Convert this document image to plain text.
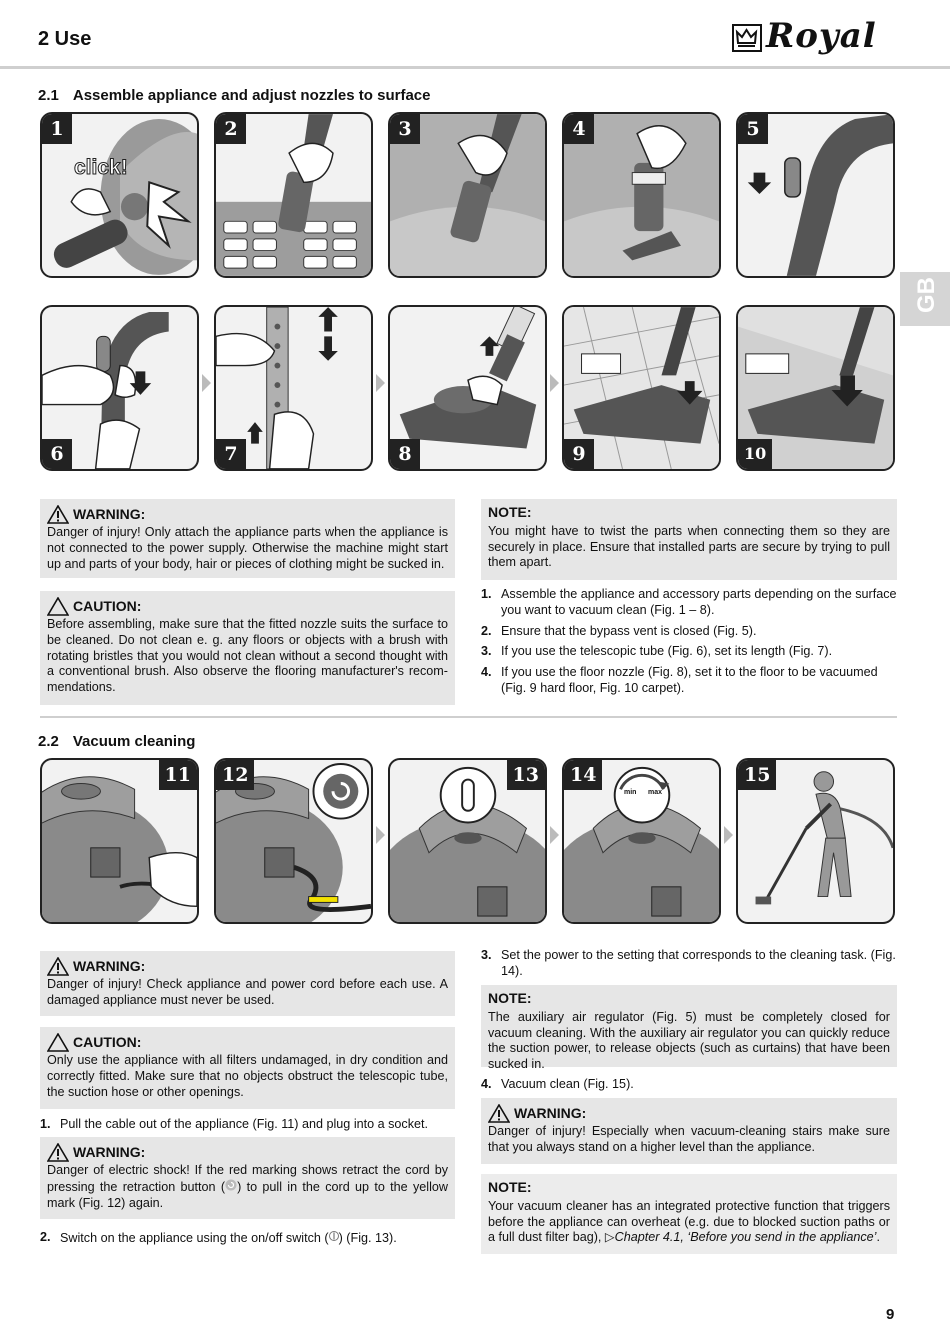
2 Use	Royal
GB
2.1 Assemble appliance and adjust nozzles to surface
1
click!
2	3	4	5
6	7	8	9	10
WARNING:

Danger of injury! Only attach the appliance parts when the appliance is not connected to the power supply. Otherwise the machine might start up and parts of your body, hair or pieces of clothing might be sucked in.

CAUTION:

Before assembling, make sure that the fitted nozzle suits the surface to be cleaned. Do not clean e. g. any floors or objects with a brush with rotating bristles that you would not clean without a second thought with a conventional brush. Also observe the flooring manufacturer's recom-mendations.

NOTE:

You might have to twist the parts when connecting them so they are securely in place. Ensure that installed parts are secure by trying to pull them apart.

1. Assemble the appliance and accessory parts depending on the surface you want to vacuum clean (Fig. 1 – 8).
2. Ensure that the bypass vent is closed (Fig. 5).
3. If you use the telescopic tube (Fig. 6), set its length (Fig. 7).
4. If you use the floor nozzle (Fig. 8), set it to the floor to be vacuumed (Fig. 9 hard floor, Fig. 10 carpet).
2.2 Vacuum cleaning
11	12	13	14
min max
15
WARNING:

Danger of injury! Check appliance and power cord before each use. A damaged appliance must never be used.

CAUTION:

Only use the appliance with all filters undamaged, in dry condition and correctly fitted. Make sure that no objects obstruct the telescopic tube, the suction hose or other openings.

1. Pull the cable out of the appliance (Fig. 11) and plug into a socket.
WARNING:

Danger of electric shock! If the red marking shows retract the cord by pressing the retraction button ( ) to pull in the cord up to the yellow mark (Fig. 12) again.

2. Switch on the appliance using the on/off switch ( ) (Fig. 13).
3. Set the power to the setting that corresponds to the cleaning task. (Fig. 14).
NOTE:

The auxiliary air regulator (Fig. 5) must be completely closed for vacuum cleaning. With the auxiliary air regulator you can quickly reduce the suction power, to release objects (such as curtains) that have been sucked in.

4. Vacuum clean (Fig. 15).
WARNING:

Danger of injury! Especially when vacuum-cleaning stairs make sure that you always stand on a higher level than the appliance.

NOTE:

Your vacuum cleaner has an integrated protective function that triggers before the appliance can overheat (e.g. due to blocked suction paths or a full dust filter bag), ▷Chapter 4.1, ‘Before you send in the appliance’.

9
